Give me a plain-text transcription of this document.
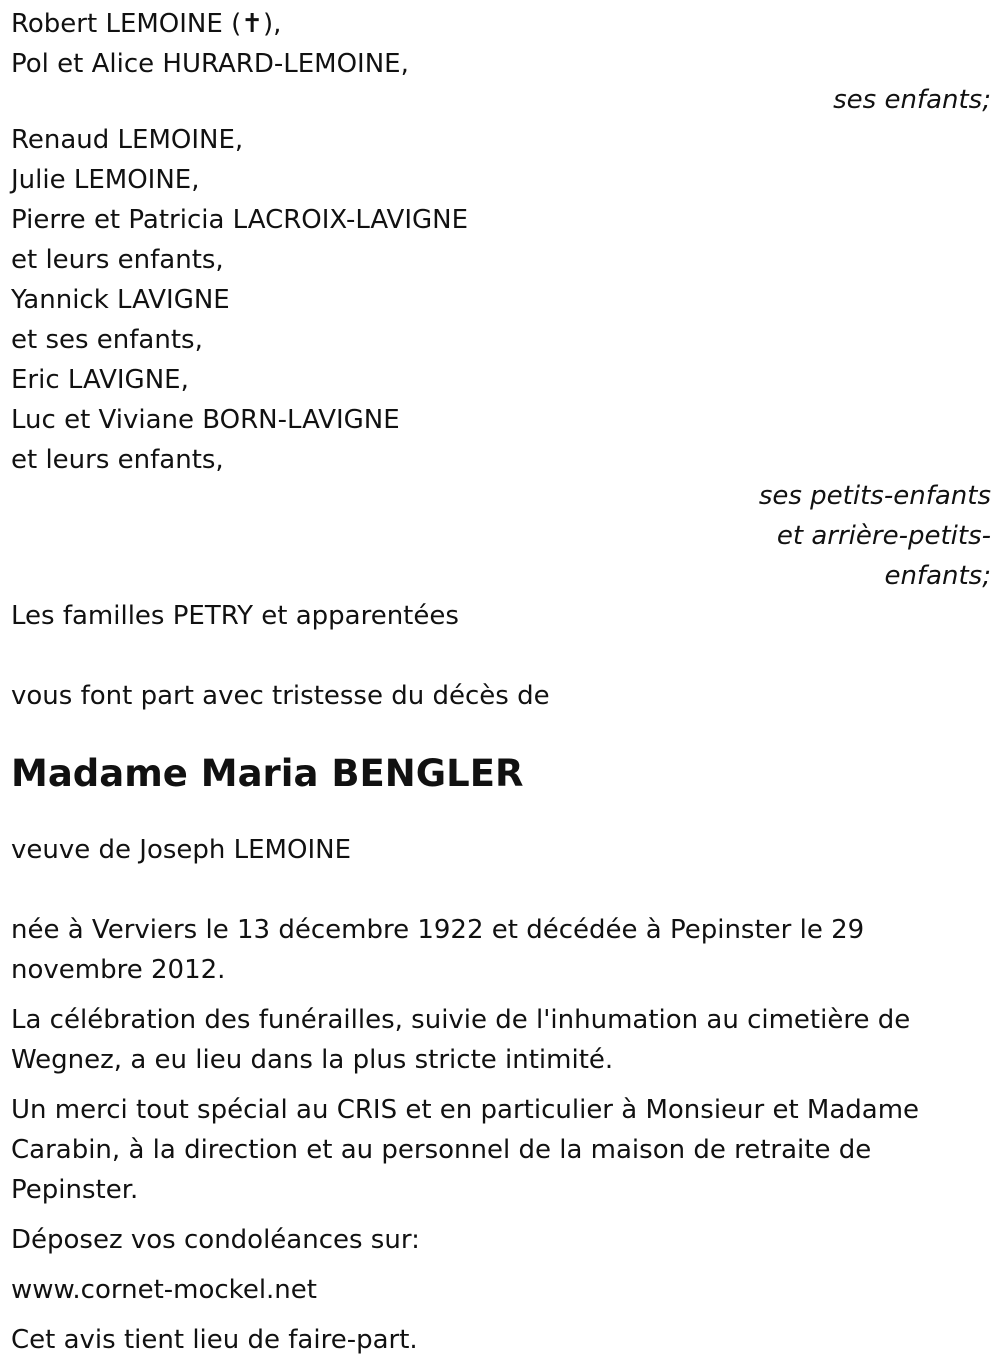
Robert LEMOINE (✝),
Pol et Alice HURARD-LEMOINE,
ses enfants;
Renaud LEMOINE,
Julie LEMOINE,
Pierre et Patricia LACROIX-LAVIGNE
et leurs enfants,
Yannick LAVIGNE
et ses enfants,
Eric LAVIGNE,
Luc et Viviane BORN-LAVIGNE
et leurs enfants,
ses petits-enfants
et arrière-petits-
enfants;
Les familles PETRY et apparentées
vous font part avec tristesse du décès de
Madame Maria BENGLER
veuve de Joseph LEMOINE
née à Verviers le 13 décembre 1922 et décédée à Pepinster le 29 novembre 2012.
La célébration des funérailles, suivie de l'inhumation au cimetière de Wegnez, a eu lieu dans la plus stricte intimité.
Un merci tout spécial au CRIS et en particulier à Monsieur et Madame Carabin, à la direction et au personnel de la maison de retraite de Pepinster.
Déposez vos condoléances sur:
www.cornet-mockel.net
Cet avis tient lieu de faire-part.
